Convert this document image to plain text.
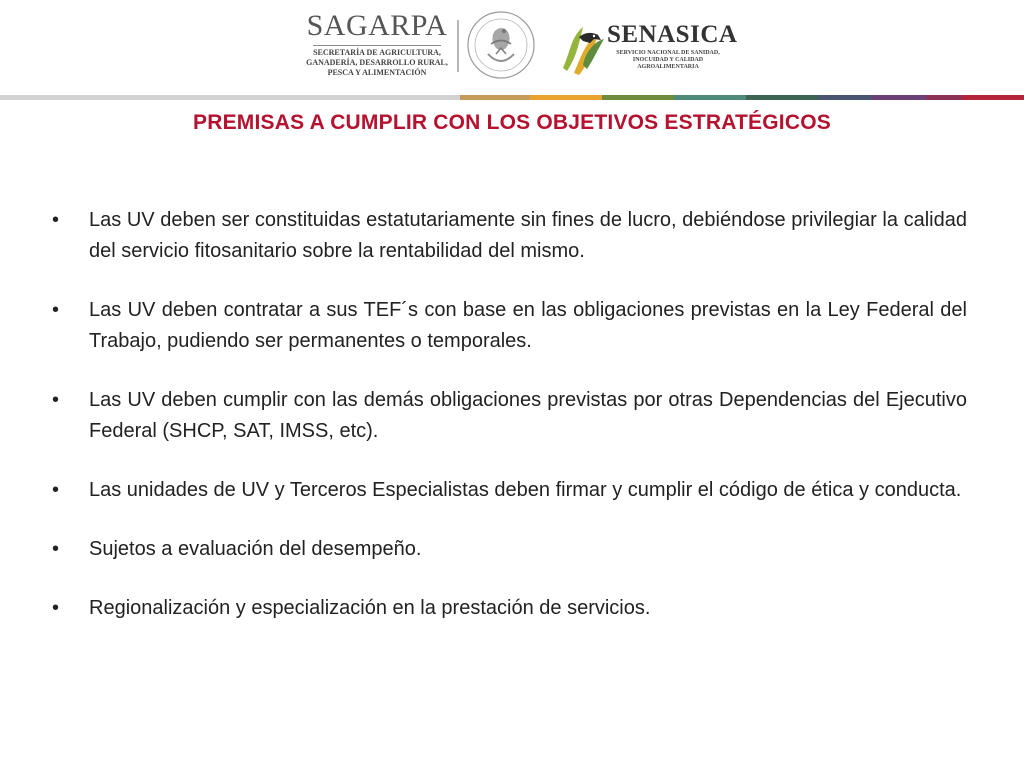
SAGARPA
SECRETARÍA DE AGRICULTURA,
GANADERÍA, DESARROLLO RURAL,
PESCA Y ALIMENTACIÓN
SENASICA
SERVICIO NACIONAL DE SANIDAD,
INOCUIDAD Y CALIDAD
AGROALIMENTARIA
PREMISAS A CUMPLIR CON LOS OBJETIVOS ESTRATÉGICOS
• Las UV deben ser constituidas estatutariamente sin fines de lucro, debiéndose privilegiar la calidad del servicio fitosanitario sobre la rentabilidad del mismo.
• Las UV deben contratar a sus TEF´s con base en las obligaciones previstas en la Ley Federal del Trabajo, pudiendo ser permanentes o temporales.
• Las UV deben cumplir con las demás obligaciones previstas por otras Dependencias del Ejecutivo Federal (SHCP, SAT, IMSS, etc).
• Las unidades de UV y Terceros Especialistas deben firmar y cumplir el código de ética y conducta.
• Sujetos a evaluación del desempeño.
• Regionalización y especialización en la prestación de servicios.
